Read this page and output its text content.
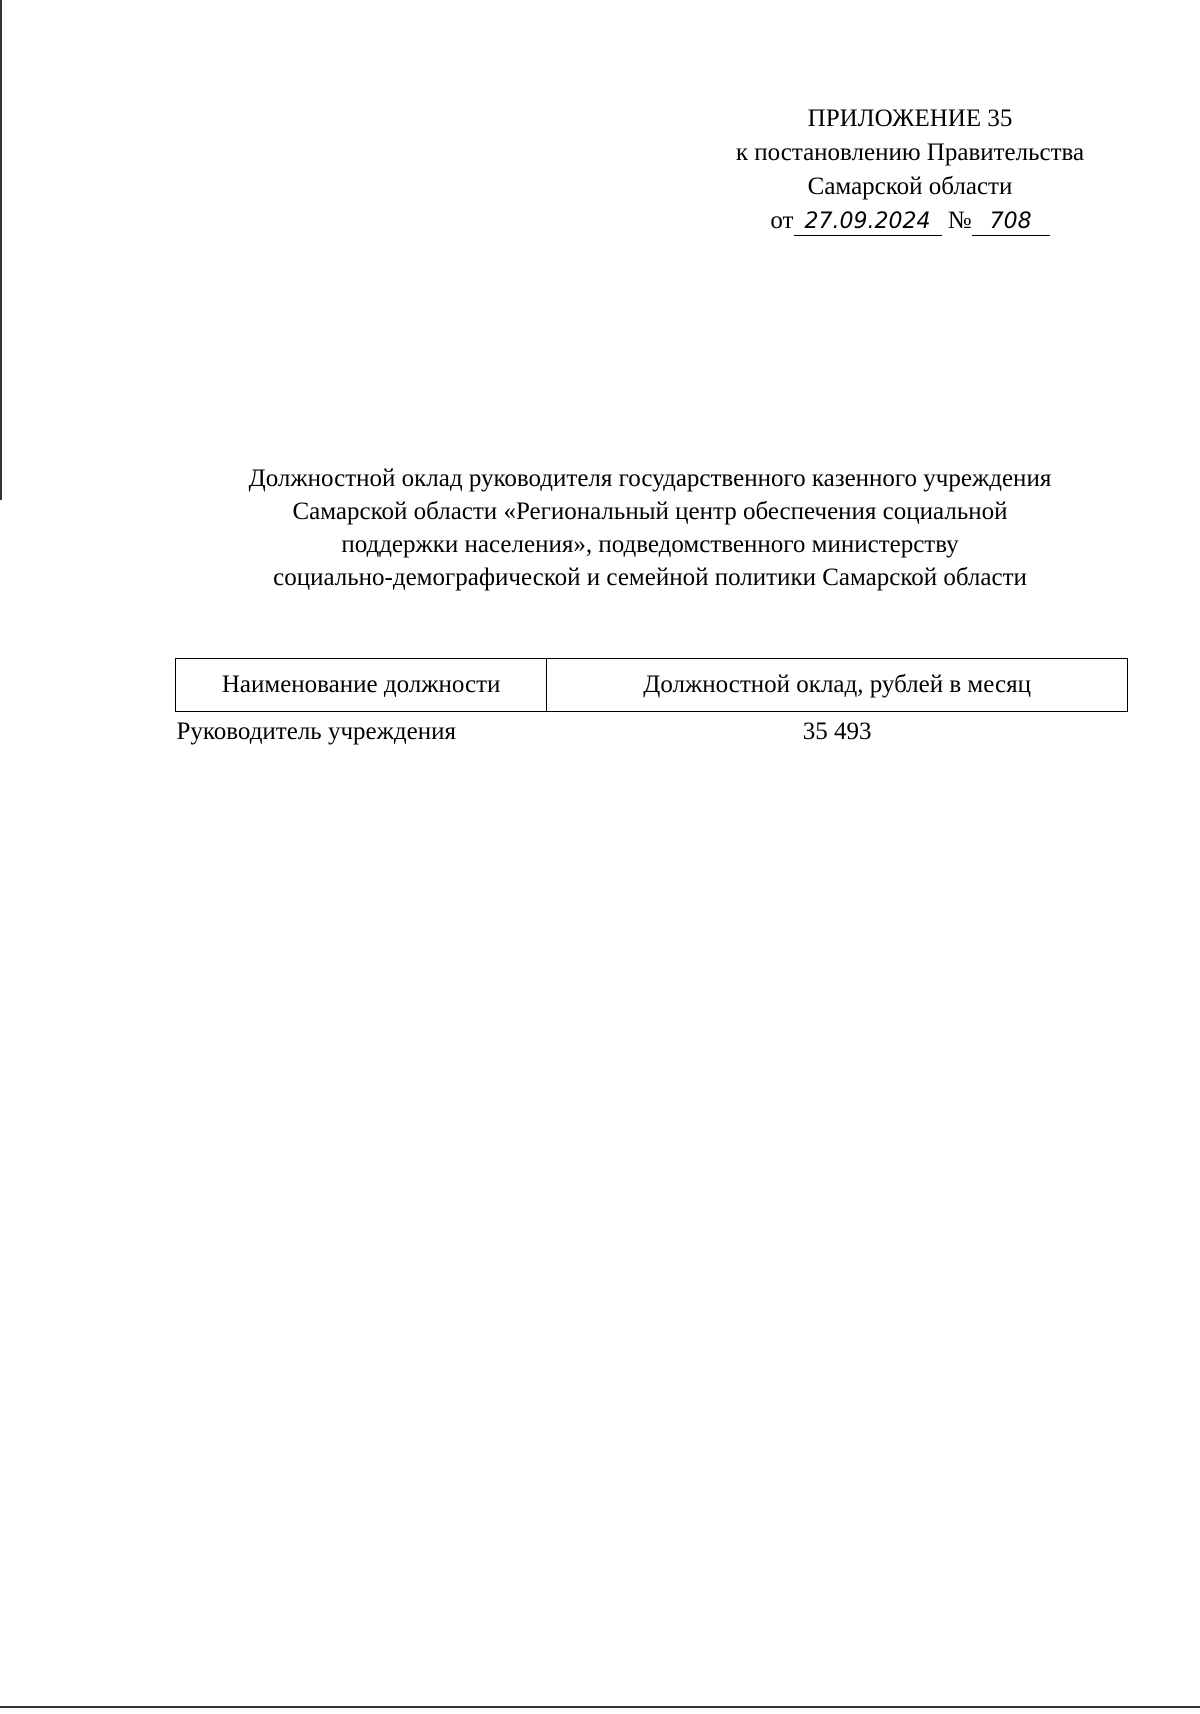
ПРИЛОЖЕНИЕ 35
к постановлению Правительства
Самарской области
от 27.09.2024 № 708
Должностной оклад руководителя государственного казенного учреждения
Самарской области «Региональный центр обеспечения социальной
поддержки населения», подведомственного министерству
социально-демографической и семейной политики Самарской области
Наименование должности	Должностной оклад, рублей в месяц
Руководитель учреждения	35 493
